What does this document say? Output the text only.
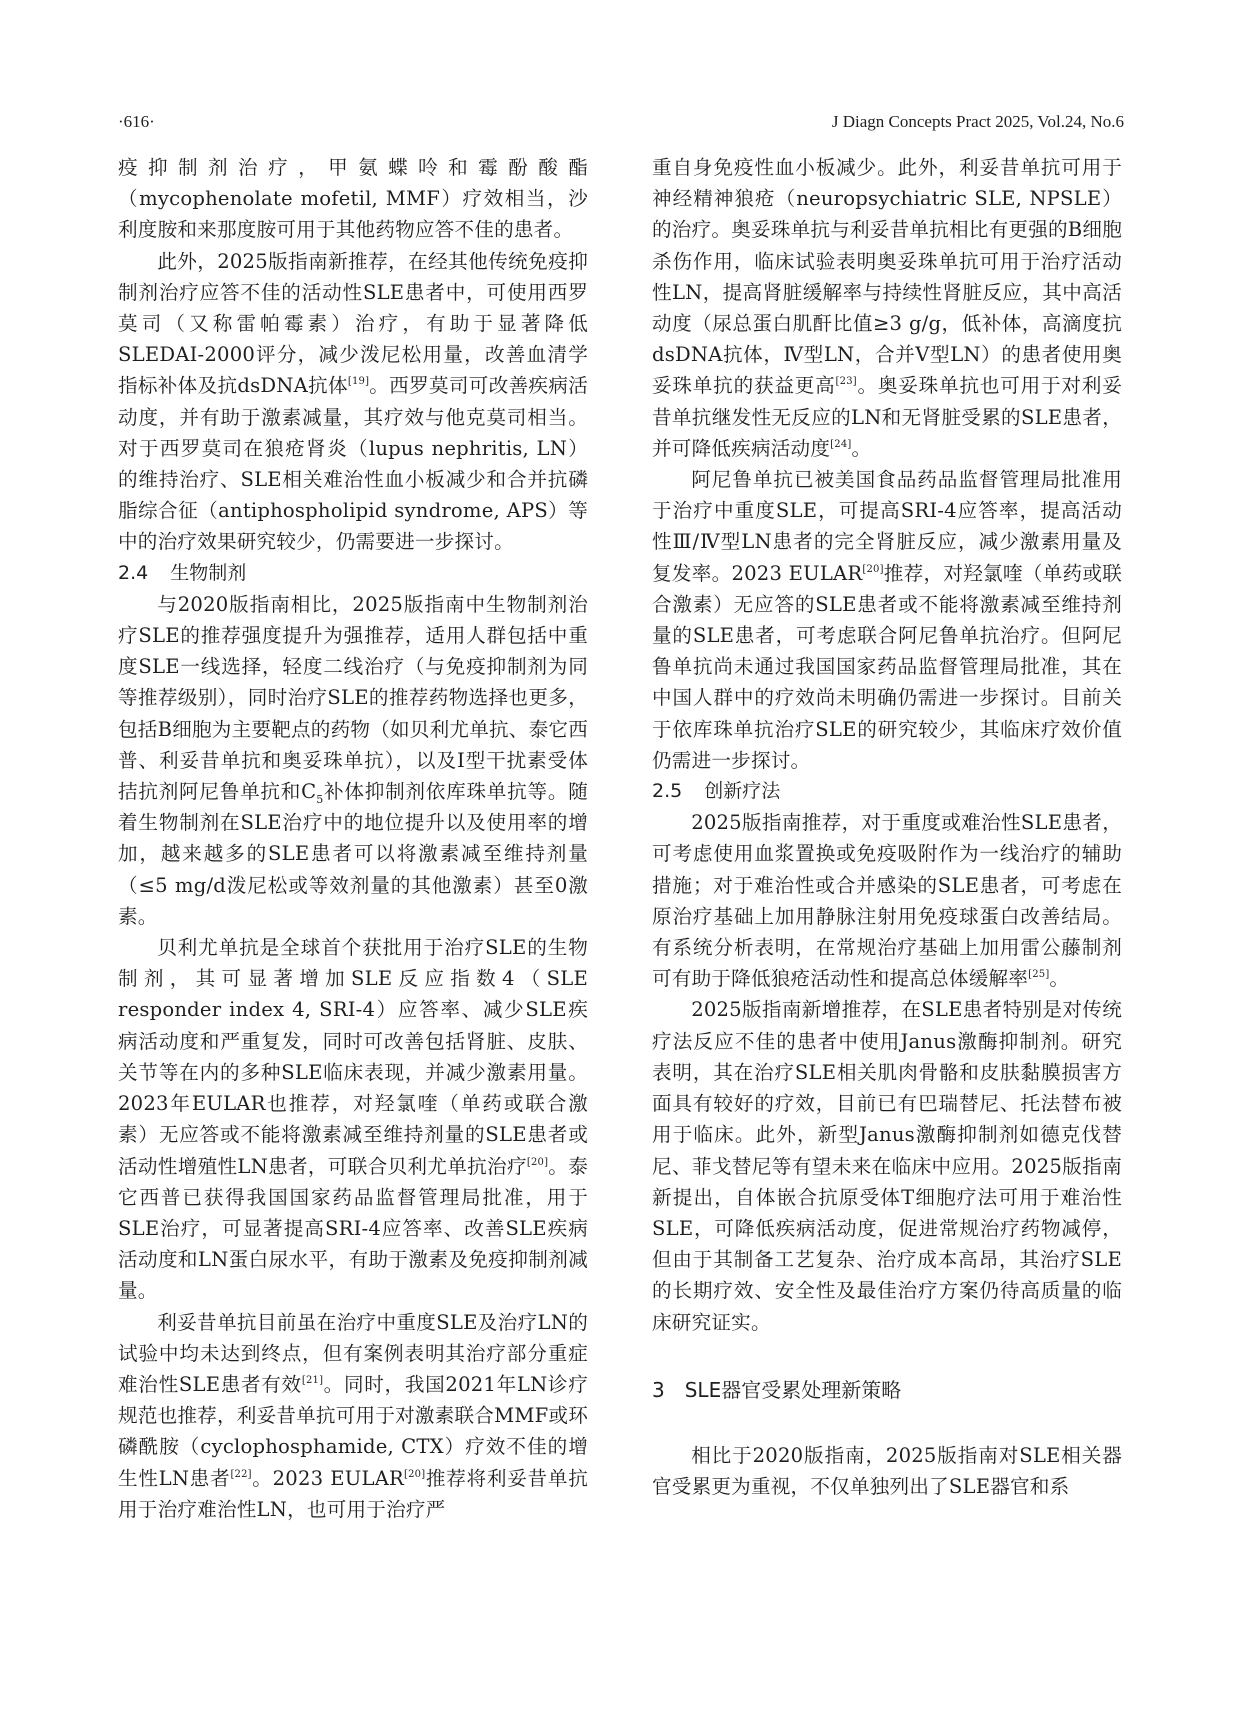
·616·	J Diagn Concepts Pract 2025, Vol.24, No.6

疫抑制剂治疗，甲氨蝶呤和霉酚酸酯（mycophenolate mofetil, MMF）疗效相当，沙利度胺和来那度胺可用于其他药物应答不佳的患者。

此外，2025版指南新推荐，在经其他传统免疫抑制剂治疗应答不佳的活动性SLE患者中，可使用西罗莫司（又称雷帕霉素）治疗，有助于显著降低SLEDAI-2000评分，减少泼尼松用量，改善血清学指标补体及抗dsDNA抗体[19]。西罗莫司可改善疾病活动度，并有助于激素减量，其疗效与他克莫司相当。对于西罗莫司在狼疮肾炎（lupus nephritis, LN）的维持治疗、SLE相关难治性血小板减少和合并抗磷脂综合征（antiphospholipid syndrome, APS）等中的治疗效果研究较少，仍需要进一步探讨。

2.4 生物制剂

与2020版指南相比，2025版指南中生物制剂治疗SLE的推荐强度提升为强推荐，适用人群包括中重度SLE一线选择，轻度二线治疗（与免疫抑制剂为同等推荐级别），同时治疗SLE的推荐药物选择也更多，包括B细胞为主要靶点的药物（如贝利尤单抗、泰它西普、利妥昔单抗和奥妥珠单抗），以及Ⅰ型干扰素受体拮抗剂阿尼鲁单抗和$C_5$补体抑制剂依库珠单抗等。随着生物制剂在SLE治疗中的地位提升以及使用率的增加，越来越多的SLE患者可以将激素减至维持剂量（≤5 mg/d泼尼松或等效剂量的其他激素）甚至0激素。

贝利尤单抗是全球首个获批用于治疗SLE的生物制剂，其可显著增加SLE反应指数4（SLE responder index 4, SRI-4）应答率、减少SLE疾病活动度和严重复发，同时可改善包括肾脏、皮肤、关节等在内的多种SLE临床表现，并减少激素用量。2023年EULAR也推荐，对羟氯喹（单药或联合激素）无应答或不能将激素减至维持剂量的SLE患者或活动性增殖性LN患者，可联合贝利尤单抗治疗[20]。泰它西普已获得我国国家药品监督管理局批准，用于SLE治疗，可显著提高SRI-4应答率、改善SLE疾病活动度和LN蛋白尿水平，有助于激素及免疫抑制剂减量。

利妥昔单抗目前虽在治疗中重度SLE及治疗LN的试验中均未达到终点，但有案例表明其治疗部分重症难治性SLE患者有效[21]。同时，我国2021年LN诊疗规范也推荐，利妥昔单抗可用于对激素联合MMF或环磷酰胺（cyclophosphamide, CTX）疗效不佳的增生性LN患者[22]。2023 EULAR[20]推荐将利妥昔单抗用于治疗难治性LN，也可用于治疗严

重自身免疫性血小板减少。此外，利妥昔单抗可用于神经精神狼疮（neuropsychiatric SLE, NPSLE）的治疗。奥妥珠单抗与利妥昔单抗相比有更强的B细胞杀伤作用，临床试验表明奥妥珠单抗可用于治疗活动性LN，提高肾脏缓解率与持续性肾脏反应，其中高活动度（尿总蛋白肌酐比值≥3 g/g，低补体，高滴度抗dsDNA抗体，Ⅳ型LN，合并Ⅴ型LN）的患者使用奥妥珠单抗的获益更高[23]。奥妥珠单抗也可用于对利妥昔单抗继发性无反应的LN和无肾脏受累的SLE患者，并可降低疾病活动度[24]。

阿尼鲁单抗已被美国食品药品监督管理局批准用于治疗中重度SLE，可提高SRI-4应答率，提高活动性Ⅲ/Ⅳ型LN患者的完全肾脏反应，减少激素用量及复发率。2023 EULAR[20]推荐，对羟氯喹（单药或联合激素）无应答的SLE患者或不能将激素减至维持剂量的SLE患者，可考虑联合阿尼鲁单抗治疗。但阿尼鲁单抗尚未通过我国国家药品监督管理局批准，其在中国人群中的疗效尚未明确仍需进一步探讨。目前关于依库珠单抗治疗SLE的研究较少，其临床疗效价值仍需进一步探讨。

2.5 创新疗法

2025版指南推荐，对于重度或难治性SLE患者，可考虑使用血浆置换或免疫吸附作为一线治疗的辅助措施；对于难治性或合并感染的SLE患者，可考虑在原治疗基础上加用静脉注射用免疫球蛋白改善结局。有系统分析表明，在常规治疗基础上加用雷公藤制剂可有助于降低狼疮活动性和提高总体缓解率[25]。

2025版指南新增推荐，在SLE患者特别是对传统疗法反应不佳的患者中使用Janus激酶抑制剂。研究表明，其在治疗SLE相关肌肉骨骼和皮肤黏膜损害方面具有较好的疗效，目前已有巴瑞替尼、托法替布被用于临床。此外，新型Janus激酶抑制剂如德克伐替尼、菲戈替尼等有望未来在临床中应用。2025版指南新提出，自体嵌合抗原受体T细胞疗法可用于难治性SLE，可降低疾病活动度，促进常规治疗药物减停，但由于其制备工艺复杂、治疗成本高昂，其治疗SLE的长期疗效、安全性及最佳治疗方案仍待高质量的临床研究证实。

3 SLE器官受累处理新策略

相比于2020版指南，2025版指南对SLE相关器官受累更为重视，不仅单独列出了SLE器官和系
